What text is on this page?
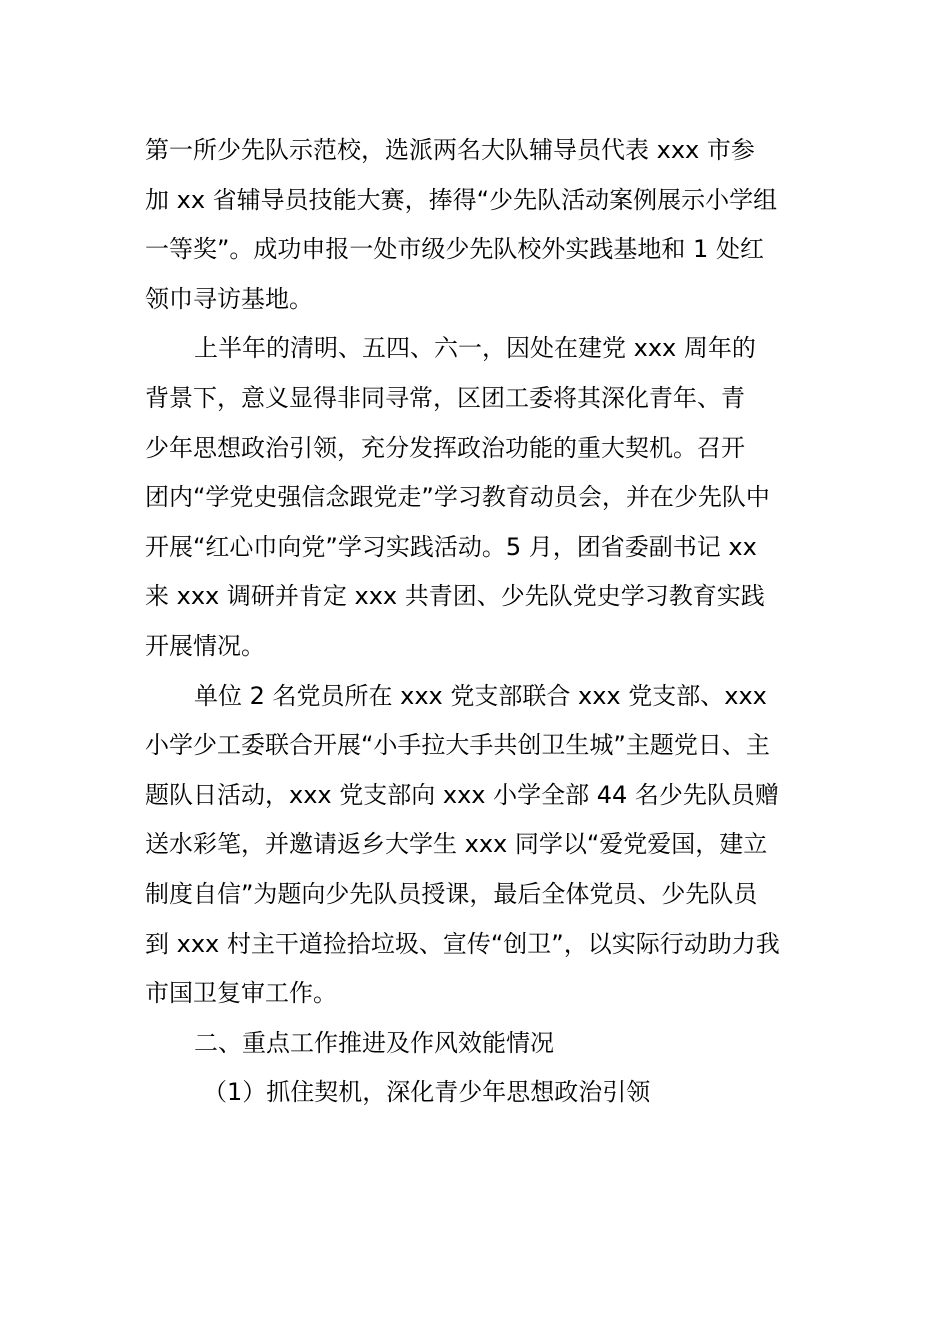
第一所少先队示范校，选派两名大队辅导员代表 xxx 市参
加 xx 省辅导员技能大赛，捧得“少先队活动案例展示小学组
一等奖”。成功申报一处市级少先队校外实践基地和 1 处红
领巾寻访基地。
上半年的清明、五四、六一，因处在建党 xxx 周年的
背景下，意义显得非同寻常，区团工委将其深化青年、青
少年思想政治引领，充分发挥政治功能的重大契机。召开
团内“学党史强信念跟党走”学习教育动员会，并在少先队中
开展“红心巾向党”学习实践活动。5 月，团省委副书记 xx
来 xxx 调研并肯定 xxx 共青团、少先队党史学习教育实践
开展情况。
单位 2 名党员所在 xxx 党支部联合 xxx 党支部、xxx
小学少工委联合开展“小手拉大手共创卫生城”主题党日、主
题队日活动，xxx 党支部向 xxx 小学全部 44 名少先队员赠
送水彩笔，并邀请返乡大学生 xxx 同学以“爱党爱国，建立
制度自信”为题向少先队员授课，最后全体党员、少先队员
到 xxx 村主干道捡拾垃圾、宣传“创卫”，以实际行动助力我
市国卫复审工作。
二、重点工作推进及作风效能情况
（1）抓住契机，深化青少年思想政治引领
